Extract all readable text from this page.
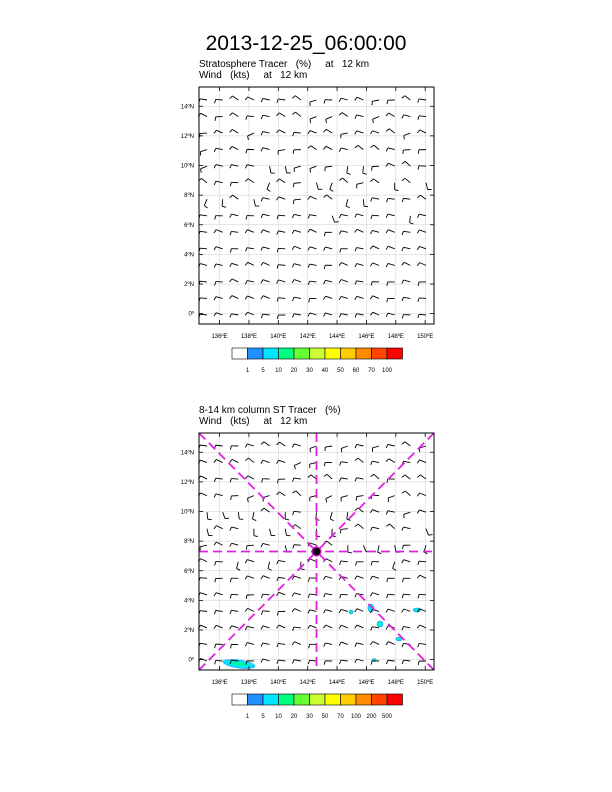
2013-12-25_06:00:00
Stratosphere Tracer   (%)     at   12 km
Wind   (kts)     at   12 km
8-14 km column ST Tracer   (%)
Wind   (kts)     at   12 km
136ºE 138ºE 140ºE 142ºE 144ºE 146ºE 148ºE 150ºE
0º
2ºN
4ºN
6ºN
8ºN
10ºN
12ºN
14ºN
1 5 10 20 30 40 50 60 70 100
136ºE 138ºE 140ºE 142ºE 144ºE 146ºE 148ºE 150ºE
0º
2ºN
4ºN
6ºN
8ºN
10ºN
12ºN
14ºN
1 5 10 20 30 50 70 100 200 500
